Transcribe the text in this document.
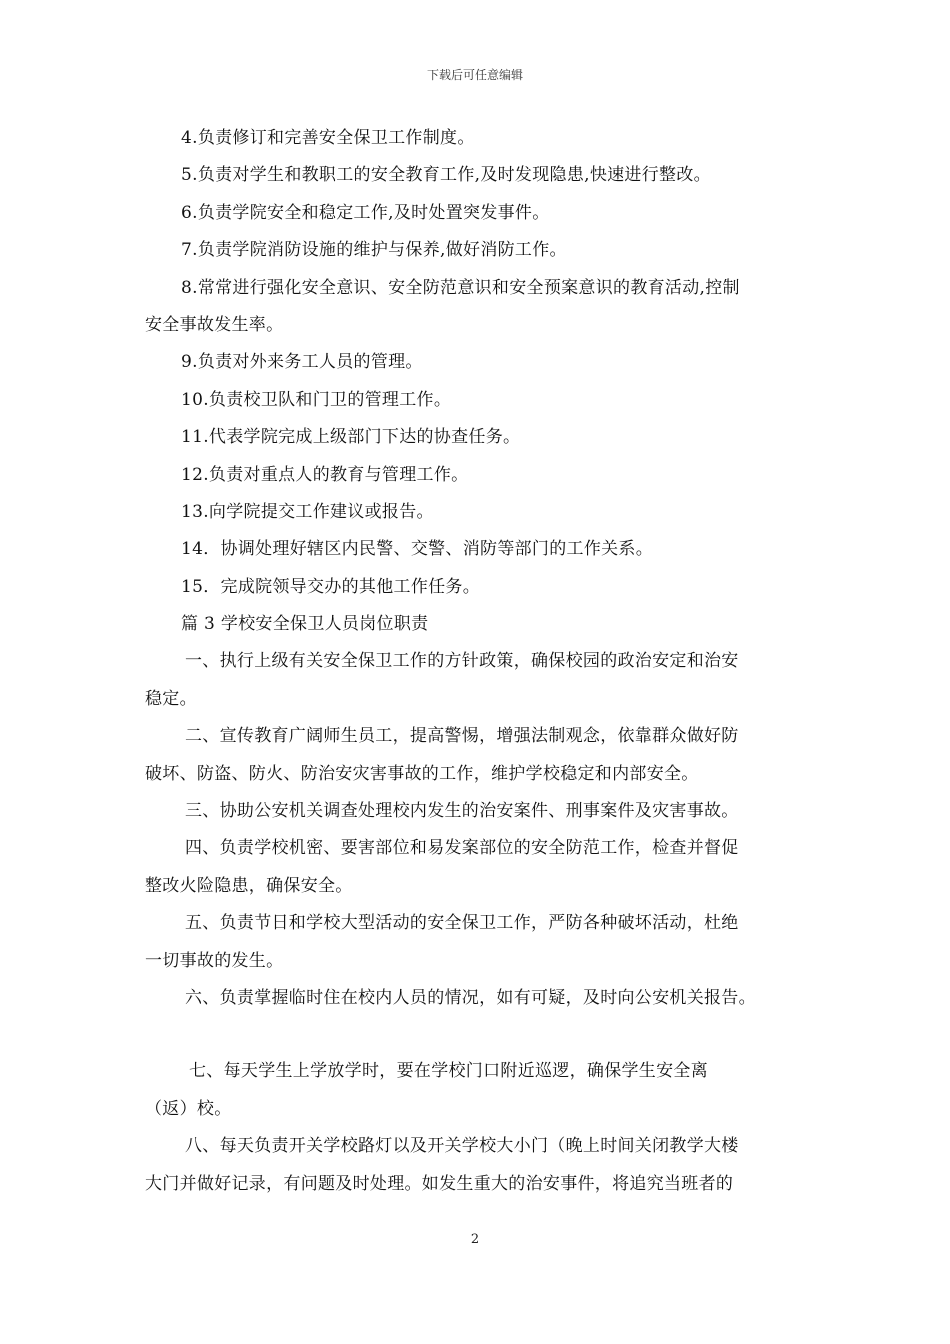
下载后可任意编辑
4.负责修订和完善安全保卫工作制度。
5.负责对学生和教职工的安全教育工作,及时发现隐患,快速进行整改。
6.负责学院安全和稳定工作,及时处置突发事件。
7.负责学院消防设施的维护与保养,做好消防工作。
8.常常进行强化安全意识、安全防范意识和安全预案意识的教育活动,控制
安全事故发生率。
9.负责对外来务工人员的管理。
10.负责校卫队和门卫的管理工作。
11.代表学院完成上级部门下达的协查任务。
12.负责对重点人的教育与管理工作。
13.向学院提交工作建议或报告。
14．协调处理好辖区内民警、交警、消防等部门的工作关系。
15．完成院领导交办的其他工作任务。
篇 3 学校安全保卫人员岗位职责
一、执行上级有关安全保卫工作的方针政策，确保校园的政治安定和治安
稳定。
二、宣传教育广阔师生员工，提高警惕，增强法制观念，依靠群众做好防
破坏、防盗、防火、防治安灾害事故的工作，维护学校稳定和内部安全。
三、协助公安机关调查处理校内发生的治安案件、刑事案件及灾害事故。
四、负责学校机密、要害部位和易发案部位的安全防范工作，检查并督促
整改火险隐患，确保安全。
五、负责节日和学校大型活动的安全保卫工作，严防各种破坏活动，杜绝
一切事故的发生。
六、负责掌握临时住在校内人员的情况，如有可疑，及时向公安机关报告。
七、每天学生上学放学时，要在学校门口附近巡逻，确保学生安全离
（返）校。
八、每天负责开关学校路灯以及开关学校大小门（晚上时间关闭教学大楼
大门并做好记录，有问题及时处理。如发生重大的治安事件，将追究当班者的
2
